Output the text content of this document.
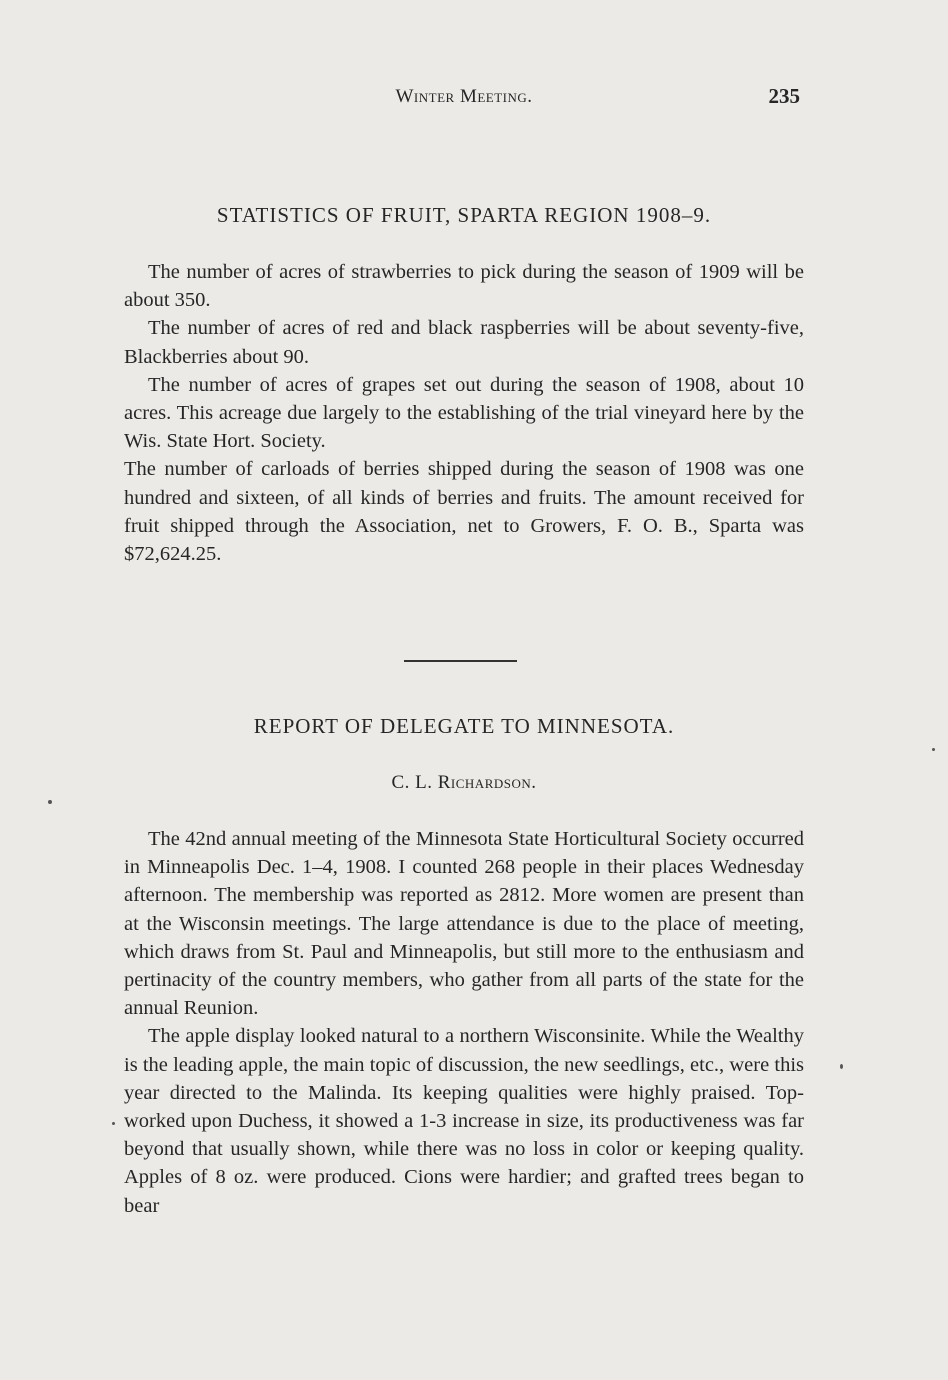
Winter Meeting.	235
STATISTICS OF FRUIT, SPARTA REGION 1908–9.

The number of acres of strawberries to pick during the season of 1909 will be about 350.

The number of acres of red and black raspberries will be about seventy-five, Blackberries about 90.

The number of acres of grapes set out during the season of 1908, about 10 acres. This acreage due largely to the establishing of the trial vineyard here by the Wis. State Hort. Society.

The number of carloads of berries shipped during the season of 1908 was one hundred and sixteen, of all kinds of berries and fruits. The amount received for fruit shipped through the Association, net to Growers, F. O. B., Sparta was $72,624.25.

REPORT OF DELEGATE TO MINNESOTA.

C. L. Richardson.

The 42nd annual meeting of the Minnesota State Horticultural Society occurred in Minneapolis Dec. 1–4, 1908. I counted 268 people in their places Wednesday afternoon. The membership was reported as 2812. More women are present than at the Wisconsin meetings. The large attendance is due to the place of meeting, which draws from St. Paul and Minneapolis, but still more to the enthusiasm and pertinacity of the country members, who gather from all parts of the state for the annual Reunion.

The apple display looked natural to a northern Wisconsinite. While the Wealthy is the leading apple, the main topic of discussion, the new seedlings, etc., were this year directed to the Malinda. Its keeping qualities were highly praised. Top-worked upon Duchess, it showed a 1-3 increase in size, its productiveness was far beyond that usually shown, while there was no loss in color or keeping quality. Apples of 8 oz. were produced. Cions were hardier; and grafted trees began to bear
